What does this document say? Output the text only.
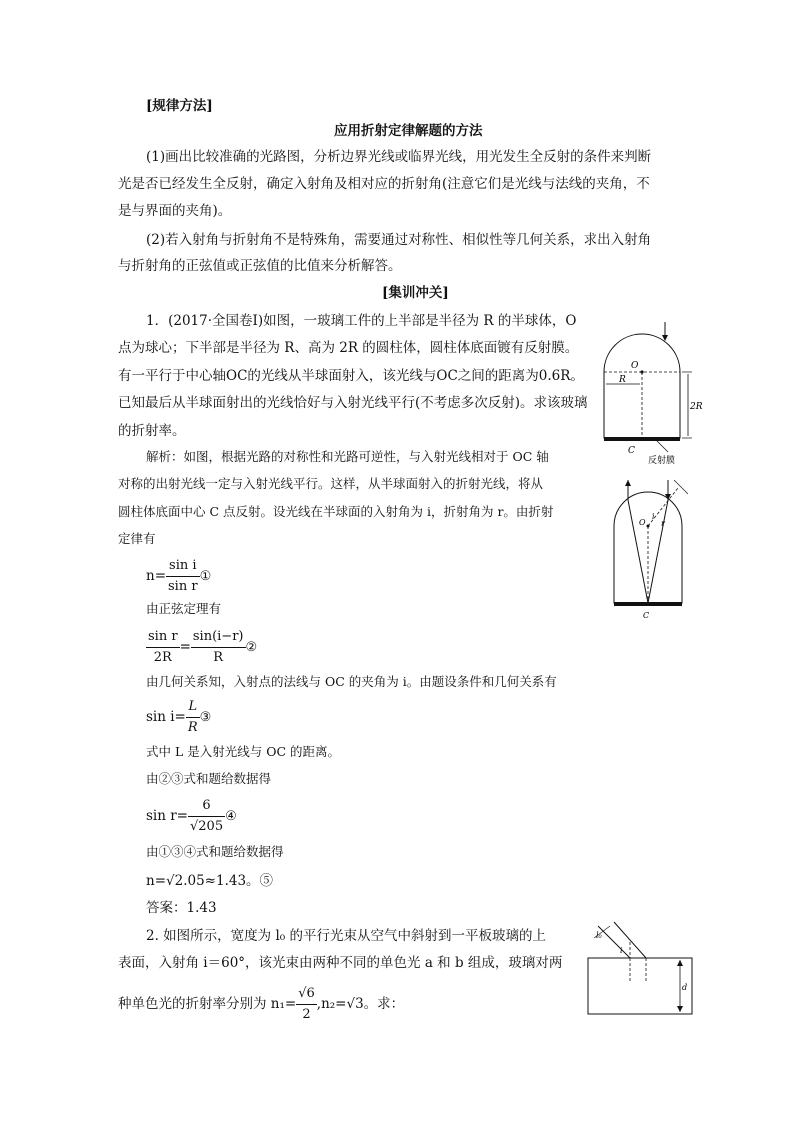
[规律方法]
应用折射定律解题的方法
(1)画出比较准确的光路图，分析边界光线或临界光线，用光发生全反射的条件来判断
光是否已经发生全反射，确定入射角及相对应的折射角(注意它们是光线与法线的夹角，不
是与界面的夹角)。
(2)若入射角与折射角不是特殊角，需要通过对称性、相似性等几何关系，求出入射角
与折射角的正弦值或正弦值的比值来分析解答。
[集训冲关]
1．(2017·全国卷Ⅰ)如图，一玻璃工件的上半部是半径为 R 的半球体，O
点为球心；下半部是半径为 R、高为 2R 的圆柱体，圆柱体底面镀有反射膜。
有一平行于中心轴OC的光线从半球面射入，该光线与OC之间的距离为0.6R。
已知最后从半球面射出的光线恰好与入射光线平行(不考虑多次反射)。求该玻璃
的折射率。
O
R
2R
C
反射膜
解析：如图，根据光路的对称性和光路可逆性，与入射光线相对于 OC 轴
对称的出射光线一定与入射光线平行。这样，从半球面射入的折射光线，将从
圆柱体底面中心 C 点反射。设光线在半球面的入射角为 i，折射角为 r。由折射
定律有
O
i
r
C
$n= \frac{\text{sin i}}{\text{sin r}}$ ①
由正弦定理有
$\frac{\text{sin r}}{2R} = \frac{\sin(i-r)}{R}$ ②
由几何关系知，入射点的法线与 OC 的夹角为 i。由题设条件和几何关系有
$\sin i= \frac{L}{R}$ ③
式中 L 是入射光线与 OC 的距离。
由②③式和题给数据得
$\sin r= \frac{6}{√205}$ ④
由①③④式和题给数据得
n=√2.05≈1.43。⑤
答案：1.43
2. 如图所示，宽度为 l₀ 的平行光束从空气中斜射到一平板玻璃的上
表面，入射角 i＝60°，该光束由两种不同的单色光 a 和 b 组成，玻璃对两
种单色光的折射率分别为 $n_1= \frac{√6}{2} ,n_2=√3$。求：
l₀
i
d
